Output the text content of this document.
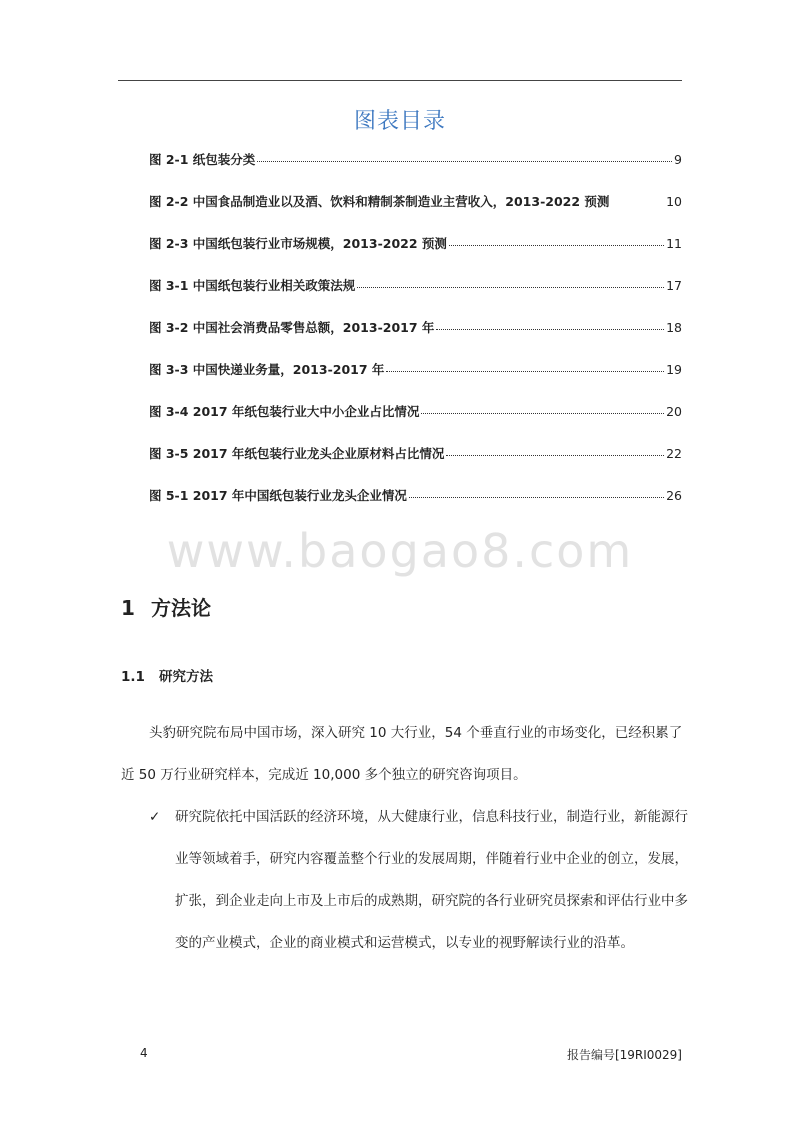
图表目录
图 2-1 纸包装分类	9
图 2-2 中国食品制造业以及酒、饮料和精制茶制造业主营收入，2013-2022 预测	10
图 2-3 中国纸包装行业市场规模，2013-2022 预测	11
图 3-1 中国纸包装行业相关政策法规	17
图 3-2 中国社会消费品零售总额，2013-2017 年	18
图 3-3 中国快递业务量，2013-2017 年	19
图 3-4 2017 年纸包装行业大中小企业占比情况	20
图 3-5 2017 年纸包装行业龙头企业原材料占比情况	22
图 5-1 2017 年中国纸包装行业龙头企业情况	26
www.baogao8.com
1 方法论
1.1 研究方法

头豹研究院布局中国市场，深入研究 10 大行业，54 个垂直行业的市场变化，已经积累了近 50 万行业研究样本，完成近 10,000 多个独立的研究咨询项目。

✓	研究院依托中国活跃的经济环境，从大健康行业，信息科技行业，制造行业，新能源行业等领域着手，研究内容覆盖整个行业的发展周期，伴随着行业中企业的创立，发展，扩张，到企业走向上市及上市后的成熟期，研究院的各行业研究员探索和评估行业中多变的产业模式，企业的商业模式和运营模式，以专业的视野解读行业的沿革。
4	报告编号[19RI0029]
